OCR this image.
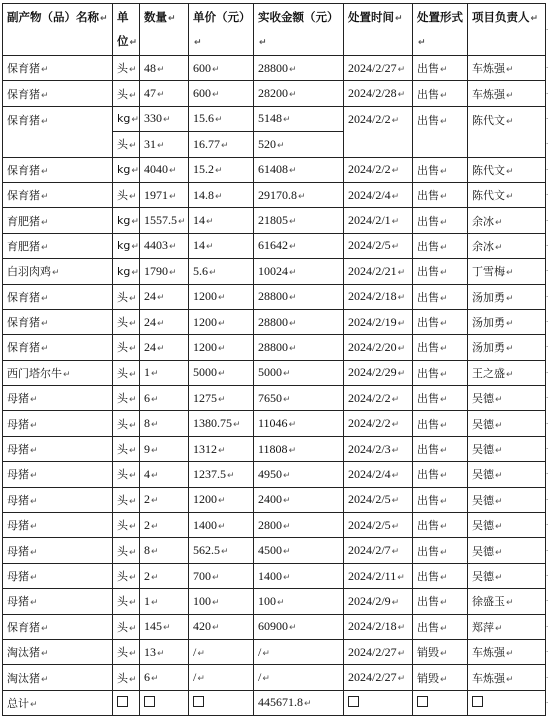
副产物（品）名称↵	单位↵	数量↵	单价（元）↵	实收金额（元）↵	处置时间↵	处置形式↵	项目负责人↵
保育猪↵	头↵	48↵	600↵	28800↵	2024/2/27↵	出售↵	车炼强↵
保育猪↵	头↵	47↵	600↵	28200↵	2024/2/28↵	出售↵	车炼强↵
保育猪↵	kg↵	330↵	15.6↵	5148↵	2024/2/2↵	出售↵	陈代文↵
	头↵	31↵	16.77↵	520↵			
保育猪↵	kg↵	4040↵	15.2↵	61408↵	2024/2/2↵	出售↵	陈代文↵
保育猪↵	头↵	1971↵	14.8↵	29170.8↵	2024/2/4↵	出售↵	陈代文↵
育肥猪↵	kg↵	1557.5↵	14↵	21805↵	2024/2/1↵	出售↵	余冰↵
育肥猪↵	kg↵	4403↵	14↵	61642↵	2024/2/5↵	出售↵	余冰↵
白羽肉鸡↵	kg↵	1790↵	5.6↵	10024↵	2024/2/21↵	出售↵	丁雪梅↵
保育猪↵	头↵	24↵	1200↵	28800↵	2024/2/18↵	出售↵	汤加勇↵
保育猪↵	头↵	24↵	1200↵	28800↵	2024/2/19↵	出售↵	汤加勇↵
保育猪↵	头↵	24↵	1200↵	28800↵	2024/2/20↵	出售↵	汤加勇↵
西门塔尔牛↵	头↵	1↵	5000↵	5000↵	2024/2/29↵	出售↵	王之盛↵
母猪↵	头↵	6↵	1275↵	7650↵	2024/2/2↵	出售↵	吴德↵
母猪↵	头↵	8↵	1380.75↵	11046↵	2024/2/2↵	出售↵	吴德↵
母猪↵	头↵	9↵	1312↵	11808↵	2024/2/3↵	出售↵	吴德↵
母猪↵	头↵	4↵	1237.5↵	4950↵	2024/2/4↵	出售↵	吴德↵
母猪↵	头↵	2↵	1200↵	2400↵	2024/2/5↵	出售↵	吴德↵
母猪↵	头↵	2↵	1400↵	2800↵	2024/2/5↵	出售↵	吴德↵
母猪↵	头↵	8↵	562.5↵	4500↵	2024/2/7↵	出售↵	吴德↵
母猪↵	头↵	2↵	700↵	1400↵	2024/2/11↵	出售↵	吴德↵
母猪↵	头↵	1↵	100↵	100↵	2024/2/9↵	出售↵	徐盛玉↵
保育猪↵	头↵	145↵	420↵	60900↵	2024/2/18↵	出售↵	郑萍↵
淘汰猪↵	头↵	13↵	/↵	/↵	2024/2/27↵	销毁↵	车炼强↵
淘汰猪↵	头↵	6↵	/↵	/↵	2024/2/27↵	销毁↵	车炼强↵
总计↵				445671.8↵			
·
·
·
·
·
·
·
·
·
·
·
·
·
·
·
·
·
·
·
·
·
·
·
·
·
·
·
